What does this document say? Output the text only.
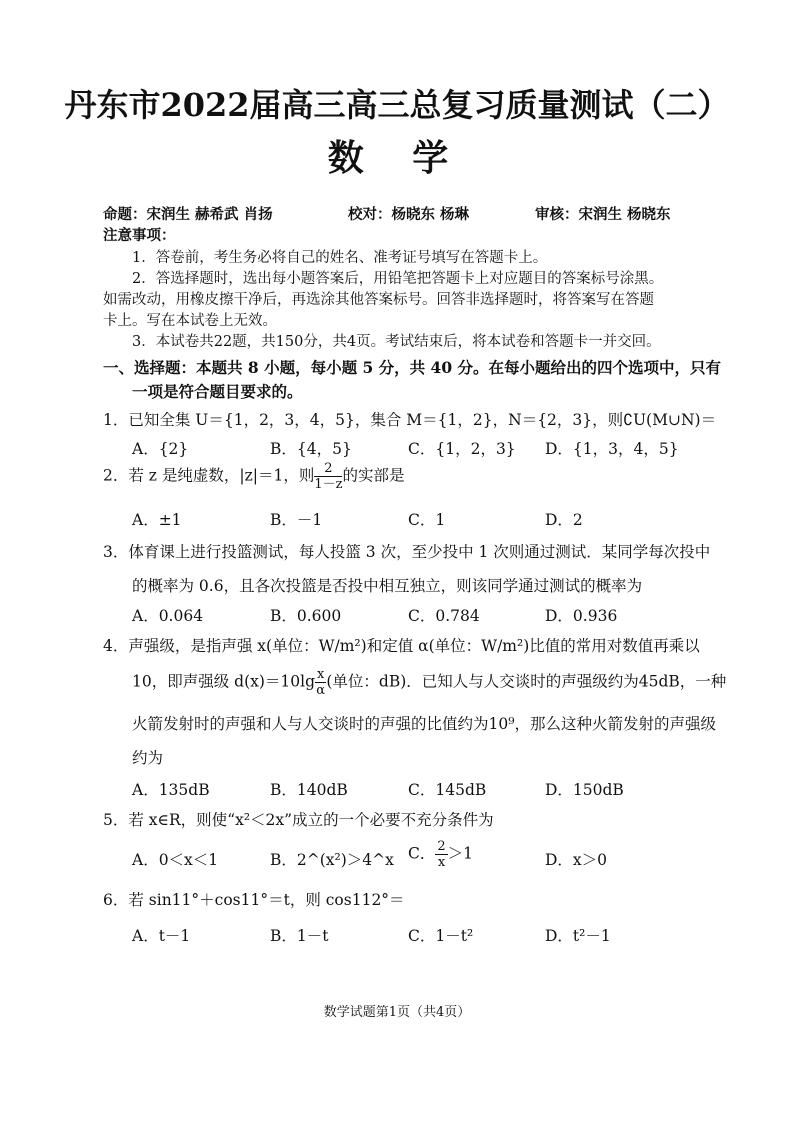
丹东市2022届高三高三总复习质量测试（二）
数 学
命题：宋润生 赫希武 肖扬	校对：杨晓东 杨琳	审核：宋润生 杨晓东
注意事项：
1．答卷前，考生务必将自己的姓名、准考证号填写在答题卡上。
2．答选择题时，选出每小题答案后，用铅笔把答题卡上对应题目的答案标号涂黑。
如需改动，用橡皮擦干净后，再选涂其他答案标号。回答非选择题时，将答案写在答题
卡上。写在本试卷上无效。
3．本试卷共22题，共150分，共4页。考试结束后，将本试卷和答题卡一并交回。
一、选择题：本题共 8 小题，每小题 5 分，共 40 分。在每小题给出的四个选项中，只有
一项是符合题目要求的。
1．已知全集 U＝{1，2，3，4，5}，集合 M＝{1，2}，N＝{2，3}，则∁U(M∪N)＝
A．{2}	B．{4，5}	C．{1，2，3} D．{1，3，4，5}
2．若 z 是纯虚数，|z|＝1，则 $\frac{2}{1-z}$ 的实部是
A．±1	B．－1	C．1	D．2
3．体育课上进行投篮测试，每人投篮 3 次，至少投中 1 次则通过测试．某同学每次投中
的概率为 0.6，且各次投篮是否投中相互独立，则该同学通过测试的概率为
A．0.064	B．0.600	C．0.784	D．0.936
4．声强级，是指声强 x(单位：W/m²)和定值 α(单位：W/m²)比值的常用对数值再乘以
10，即声强级 $d(x)=10\lg \frac{x}{\alpha}$ (单位：dB)．已知人与人交谈时的声强级约为45dB，一种
火箭发射时的声强和人与人交谈时的声强的比值约为10⁹，那么这种火箭发射的声强级
约为
A．135dB	B．140dB	C．145dB	D．150dB
5．若 x∈R，则使“x²＜2x”成立的一个必要不充分条件为
A．0＜x＜1	B．2^(x²)＞4^x C． $\frac{2}{x} >1$	D．x＞0
6．若 sin11°＋cos11°＝t，则 cos112°＝
A．t－1	B．1－t	C．1－t²	D．t²－1
数学试题第1页（共4页）
